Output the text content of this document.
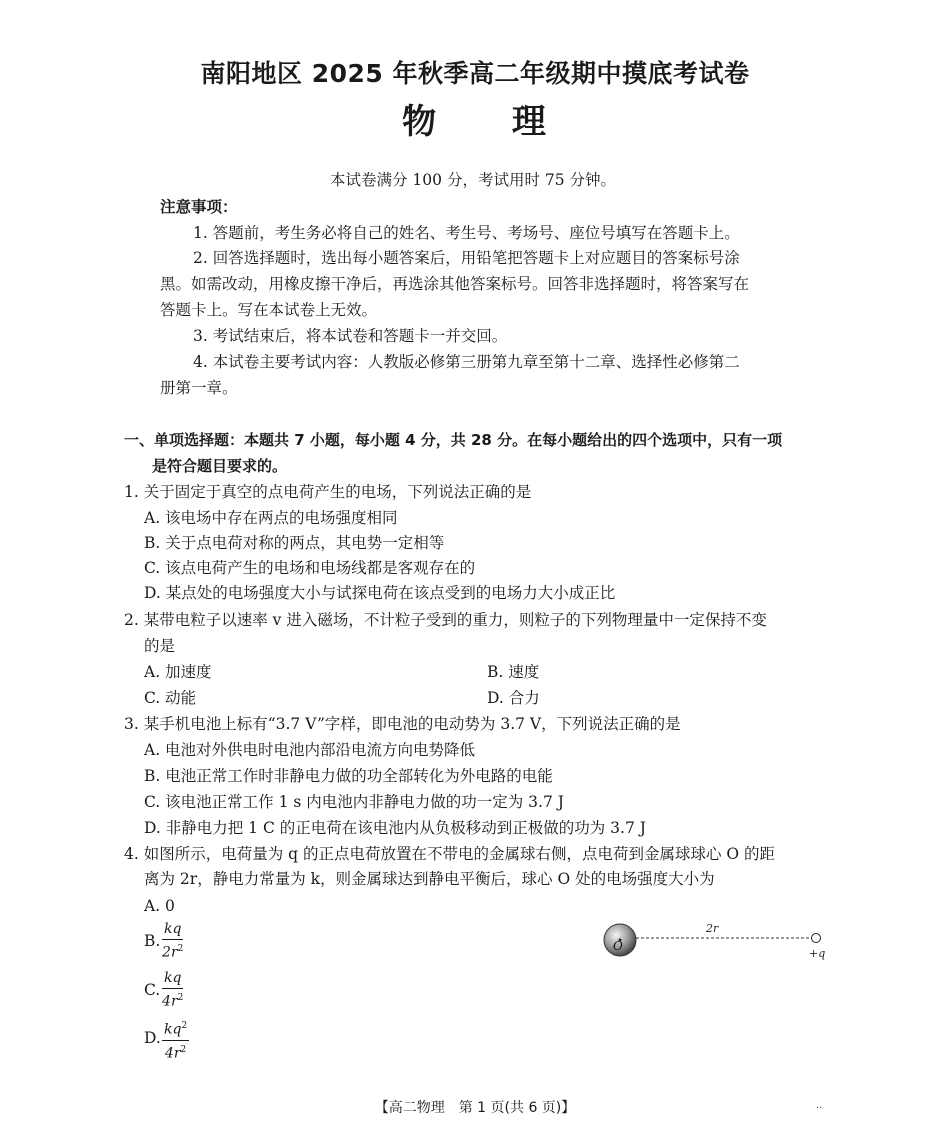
南阳地区 2025 年秋季高二年级期中摸底考试卷
物 理
本试卷满分 100 分，考试用时 75 分钟。
注意事项：
1. 答题前，考生务必将自己的姓名、考生号、考场号、座位号填写在答题卡上。
2. 回答选择题时，选出每小题答案后，用铅笔把答题卡上对应题目的答案标号涂
黑。如需改动，用橡皮擦干净后，再选涂其他答案标号。回答非选择题时，将答案写在
答题卡上。写在本试卷上无效。
3. 考试结束后，将本试卷和答题卡一并交回。
4. 本试卷主要考试内容：人教版必修第三册第九章至第十二章、选择性必修第二
册第一章。
一、单项选择题：本题共 7 小题，每小题 4 分，共 28 分。在每小题给出的四个选项中，只有一项
是符合题目要求的。
1. 关于固定于真空的点电荷产生的电场，下列说法正确的是
A. 该电场中存在两点的电场强度相同
B. 关于点电荷对称的两点，其电势一定相等
C. 该点电荷产生的电场和电场线都是客观存在的
D. 某点处的电场强度大小与试探电荷在该点受到的电场力大小成正比
2. 某带电粒子以速率 v 进入磁场，不计粒子受到的重力，则粒子的下列物理量中一定保持不变
的是
A. 加速度	B. 速度
C. 动能	D. 合力
3. 某手机电池上标有“3.7 V”字样，即电池的电动势为 3.7 V，下列说法正确的是
A. 电池对外供电时电池内部沿电流方向电势降低
B. 电池正常工作时非静电力做的功全部转化为外电路的电能
C. 该电池正常工作 1 s 内电池内非静电力做的功一定为 3.7 J
D. 非静电力把 1 C 的正电荷在该电池内从负极移动到正极做的功为 3.7 J
4. 如图所示，电荷量为 q 的正点电荷放置在不带电的金属球右侧，点电荷到金属球球心 O 的距
离为 2r，静电力常量为 k，则金属球达到静电平衡后，球心 O 处的电场强度大小为
A. 0
B. $\frac{kq}{2r^2}$
C. $\frac{kq}{4r^2}$
D. $\frac{kq^2}{4r^2}$
O
2r
+q
【高二物理　第 1 页(共 6 页)】	..
